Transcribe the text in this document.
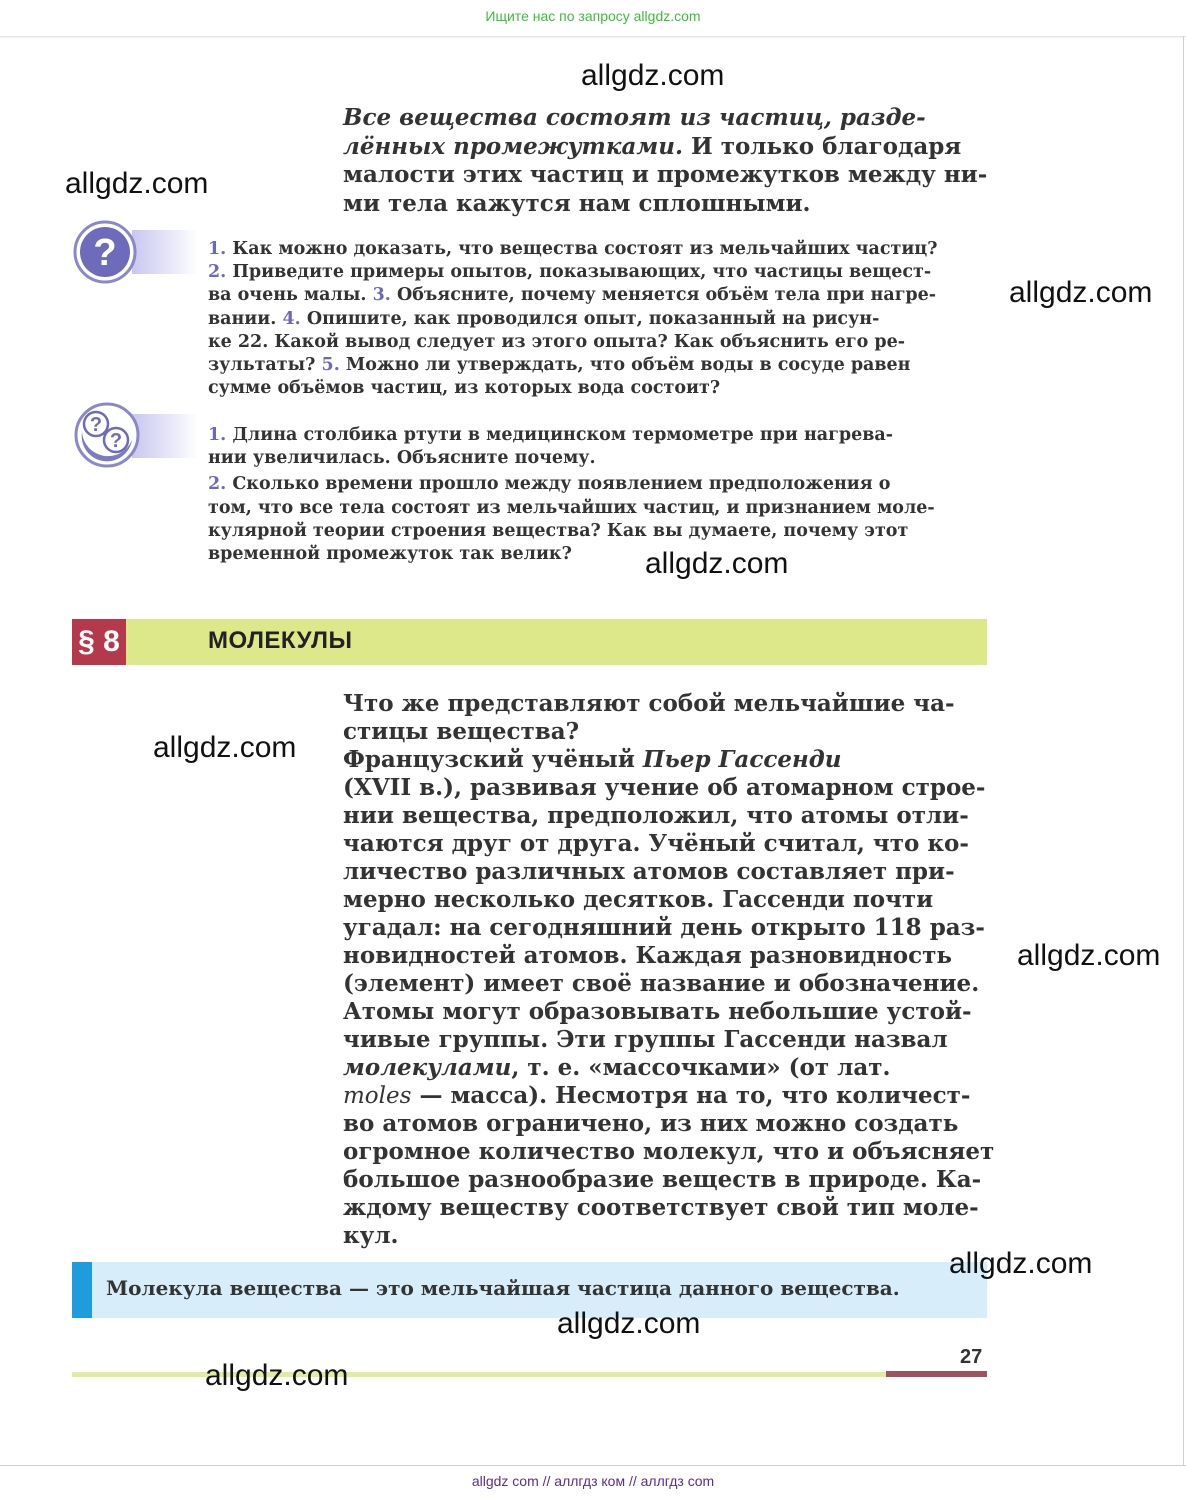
Ищите нас по запросу allgdz.com
Все вещества состоят из частиц, разде-
лённых промежутками. И только благодаря
малости этих частиц и промежутков между ни-
ми тела кажутся нам сплошными.
?	1. Как можно доказать, что вещества состоят из мельчайших частиц?
2. Приведите примеры опытов, показывающих, что частицы вещест-
ва очень малы. 3. Объясните, почему меняется объём тела при нагре-
вании. 4. Опишите, как проводился опыт, показанный на рисун-
ке 22. Какой вывод следует из этого опыта? Как объяснить его ре-
зультаты? 5. Можно ли утверждать, что объём воды в сосуде равен
сумме объёмов частиц, из которых вода состоит?
?
?	1. Длина столбика ртути в медицинском термометре при нагрева-
нии увеличилась. Объясните почему.
2. Сколько времени прошло между появлением предположения о
том, что все тела состоят из мельчайших частиц, и признанием моле-
кулярной теории строения вещества? Как вы думаете, почему этот
временной промежуток так велик?
§ 8	МОЛЕКУЛЫ
Что же представляют собой мельчайшие ча-
стицы вещества?
Французский учёный Пьер Гассенди
(XVII в.), развивая учение об атомарном строе-
нии вещества, предположил, что атомы отли-
чаются друг от друга. Учёный считал, что ко-
личество различных атомов составляет при-
мерно несколько десятков. Гассенди почти
угадал: на сегодняшний день открыто 118 раз-
новидностей атомов. Каждая разновидность
(элемент) имеет своё название и обозначение.
Атомы могут образовывать небольшие устой-
чивые группы. Эти группы Гассенди назвал
молекулами, т. е. «массочками» (от лат.
moles — масса). Несмотря на то, что количест-
во атомов ограничено, из них можно создать
огромное количество молекул, что и объясняет
большое разнообразие веществ в природе. Ка-
ждому веществу соответствует свой тип моле-
кул.
Молекула вещества — это мельчайшая частица данного вещества.
27
allgdz.com
allgdz.com
allgdz.com
allgdz.com
allgdz.com
allgdz.com
allgdz.com
allgdz.com
allgdz.com
allgdz com // аллгдз ком // аллгдз com
